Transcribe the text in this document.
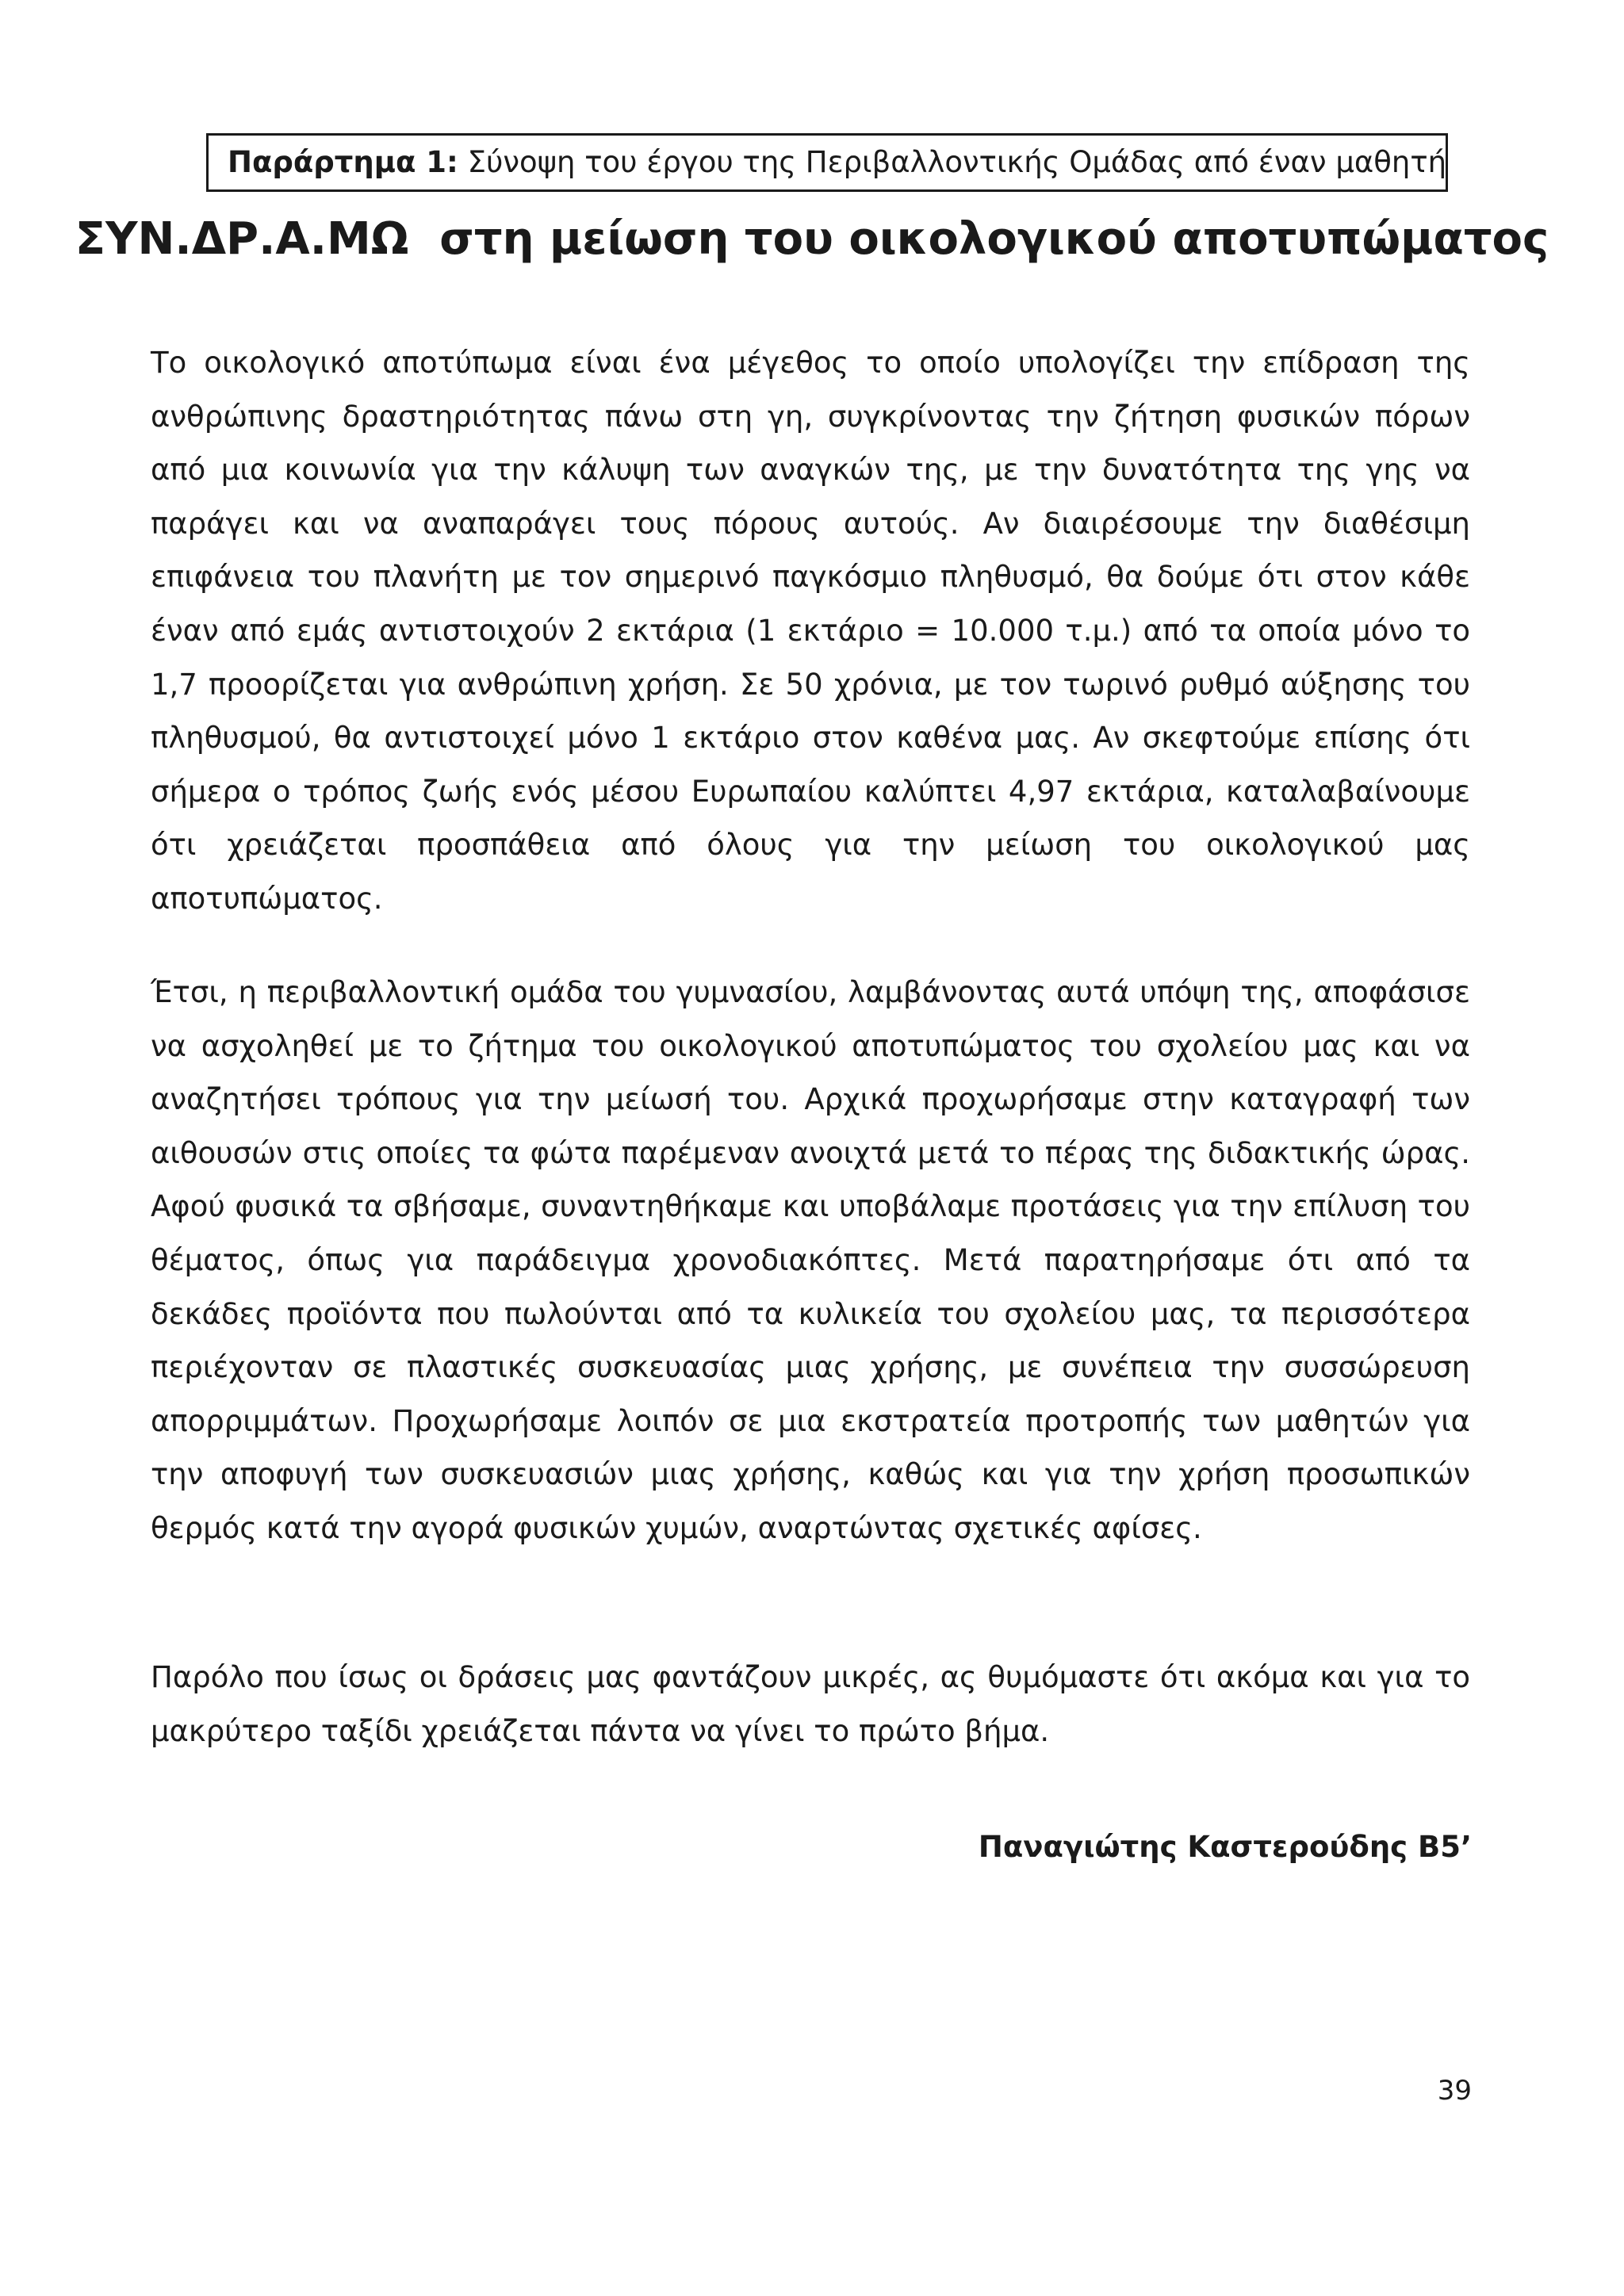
Παράρτημα 1: Σύνοψη του έργου της Περιβαλλοντικής Ομάδας από έναν μαθητή
ΣΥΝ.ΔΡ.Α.ΜΩ  στη μείωση του οικολογικού αποτυπώματος

Το οικολογικό αποτύπωμα είναι ένα μέγεθος το οποίο υπολογίζει την επίδραση της ανθρώπινης δραστηριότητας πάνω στη γη, συγκρίνοντας την ζήτηση φυσικών πόρων από μια κοινωνία για την κάλυψη των αναγκών της, με την δυνατότητα της γης να παράγει και να αναπαράγει τους πόρους αυτούς. Αν διαιρέσουμε την διαθέσιμη επιφάνεια του πλανήτη με τον σημερινό παγκόσμιο πληθυσμό, θα δούμε ότι στον κάθε έναν από εμάς αντιστοιχούν 2 εκτάρια (1 εκτάριο = 10.000 τ.μ.) από τα οποία μόνο το 1,7 προορίζεται για ανθρώπινη χρήση. Σε 50 χρόνια, με τον τωρινό ρυθμό αύξησης του πληθυσμού, θα αντιστοιχεί μόνο 1 εκτάριο στον καθένα μας. Αν σκεφτούμε επίσης ότι σήμερα ο τρόπος ζωής ενός μέσου Ευρωπαίου καλύπτει 4,97 εκτάρια, καταλαβαίνουμε ότι χρειάζεται προσπάθεια από όλους για την μείωση του οικολογικού μας αποτυπώματος.

Έτσι, η περιβαλλοντική ομάδα του γυμνασίου, λαμβάνοντας αυτά υπόψη της, αποφάσισε να ασχοληθεί με το ζήτημα του οικολογικού αποτυπώματος του σχολείου μας και να αναζητήσει τρόπους για την μείωσή του. Αρχικά προχωρήσαμε στην καταγραφή των αιθουσών στις οποίες τα φώτα παρέμεναν ανοιχτά μετά το πέρας της διδακτικής ώρας. Αφού φυσικά τα σβήσαμε, συναντηθήκαμε και υποβάλαμε προτάσεις για την επίλυση του θέματος, όπως για παράδειγμα χρονοδιακόπτες. Μετά παρατηρήσαμε ότι από τα δεκάδες προϊόντα που πωλούνται από τα κυλικεία του σχολείου μας, τα περισσότερα περιέχονταν σε πλαστικές συσκευασίας μιας χρήσης, με συνέπεια την συσσώρευση απορριμμάτων. Προχωρήσαμε λοιπόν σε μια εκστρατεία προτροπής των μαθητών για την αποφυγή των συσκευασιών μιας χρήσης, καθώς και για την χρήση προσωπικών θερμός κατά την αγορά φυσικών χυμών, αναρτώντας σχετικές αφίσες.

Παρόλο που ίσως οι δράσεις μας φαντάζουν μικρές, ας θυμόμαστε ότι ακόμα και για το μακρύτερο ταξίδι χρειάζεται πάντα να γίνει το πρώτο βήμα.

Παναγιώτης Καστερούδης Β5’
39
